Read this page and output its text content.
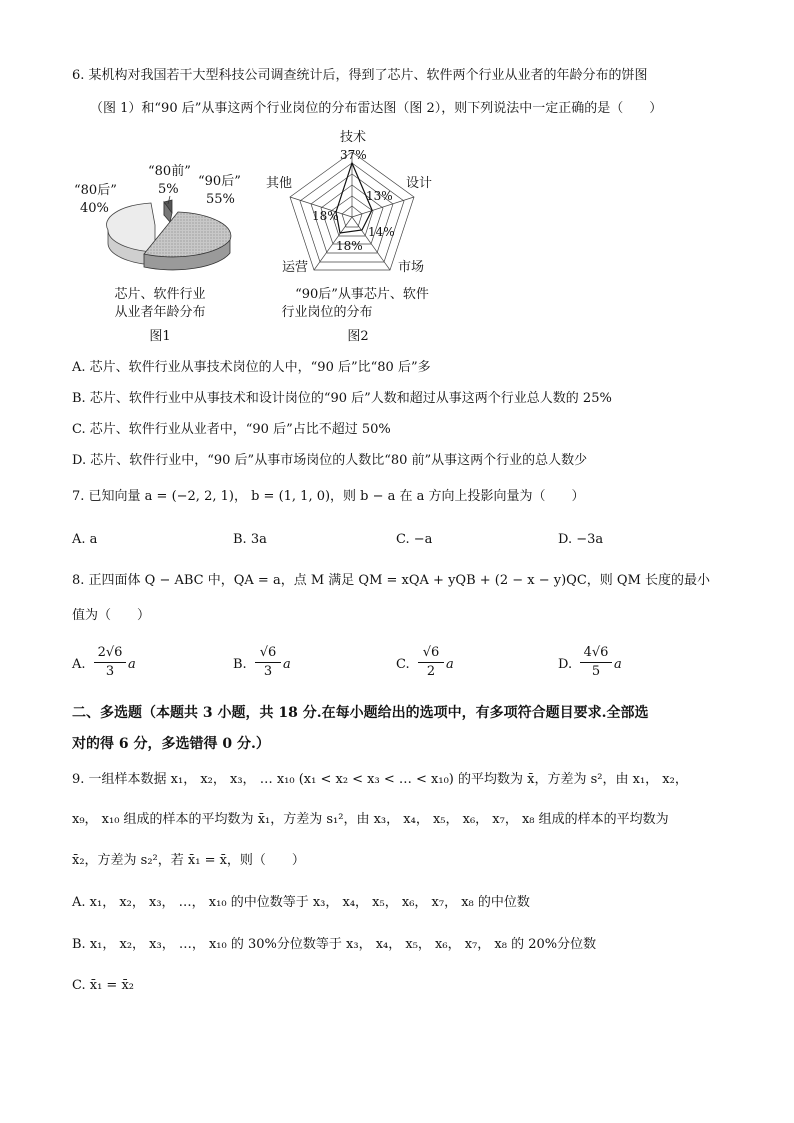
6. 某机构对我国若干大型科技公司调查统计后，得到了芯片、软件两个行业从业者的年龄分布的饼图
（图 1）和“90 后”从事这两个行业岗位的分布雷达图（图 2），则下列说法中一定正确的是（　　）
“80后”
40%
“80前”
5%
“90后”
55%
芯片、软件行业
从业者年龄分布
图1
技术
37%
设计
13%
市场
14%
运营
18%
其他
18%
“90后”从事芯片、软件
行业岗位的分布
图2
A. 芯片、软件行业从事技术岗位的人中，“90 后”比“80 后”多
B. 芯片、软件行业中从事技术和设计岗位的“90 后”人数和超过从事这两个行业总人数的 25%
C. 芯片、软件行业从业者中，“90 后”占比不超过 50%
D. 芯片、软件行业中，“90 后”从事市场岗位的人数比“80 前”从事这两个行业的总人数少
7. 已知向量 a = (−2, 2, 1)， b = (1, 1, 0)，则 b − a 在 a 方向上投影向量为（　　）
A. a	B. 3a	C. −a	D. −3a
8. 正四面体 Q − ABC 中，QA = a，点 M 满足 QM = xQA + yQB + (2 − x − y)QC，则 QM 长度的最小
值为（　　）
A. $\frac{2√6}{3}$ a	B. $\frac{√6}{3}$ a	C. $\frac{√6}{2}$ a	D. $\frac{4√6}{5}$ a
二、多选题（本题共 3 小题，共 18 分.在每小题给出的选项中，有多项符合题目要求.全部选
对的得 6 分，多选错得 0 分.）
9. 一组样本数据 x₁， x₂， x₃， … x₁₀ (x₁ < x₂ < x₃ < … < x₁₀) 的平均数为 x̄，方差为 s²，由 x₁， x₂，
x₉， x₁₀ 组成的样本的平均数为 x̄₁，方差为 s₁²，由 x₃， x₄， x₅， x₆， x₇， x₈ 组成的样本的平均数为
x̄₂，方差为 s₂²，若 x̄₁ = x̄，则（　　）
A. x₁， x₂， x₃， …， x₁₀ 的中位数等于 x₃， x₄， x₅， x₆， x₇， x₈ 的中位数
B. x₁， x₂， x₃， …， x₁₀ 的 30%分位数等于 x₃， x₄， x₅， x₆， x₇， x₈ 的 20%分位数
C. x̄₁ = x̄₂
